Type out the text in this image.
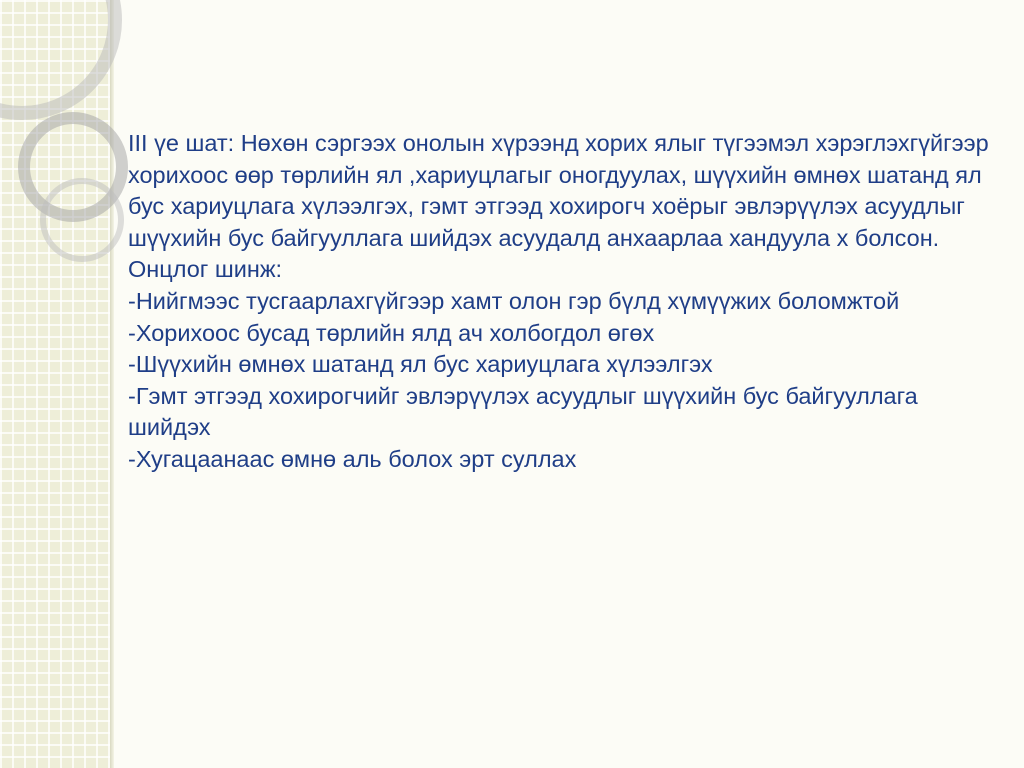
III үе шат: Нөхөн сэргээх онолын хүрээнд хорих ялыг түгээмэл хэрэглэхгүйгээр хорихоос өөр төрлийн ял ,хариуцлагыг оногдуулах, шүүхийн өмнөх шатанд ял бус хариуцлага хүлээлгэх, гэмт этгээд хохирогч хоёрыг эвлэрүүлэх асуудлыг шүүхийн бус байгууллага шийдэх асуудалд анхаарлаа хандуула х болсон.

Онцлог шинж:

-Нийгмээс тусгаарлахгүйгээр хамт олон гэр бүлд хүмүүжих боломжтой

-Хорихоос бусад төрлийн ялд ач холбогдол өгөх

-Шүүхийн өмнөх шатанд ял бус хариуцлага хүлээлгэх

-Гэмт этгээд хохирогчийг эвлэрүүлэх асуудлыг шүүхийн бус байгууллага шийдэх

-Хугацаанаас өмнө аль болох эрт суллах
